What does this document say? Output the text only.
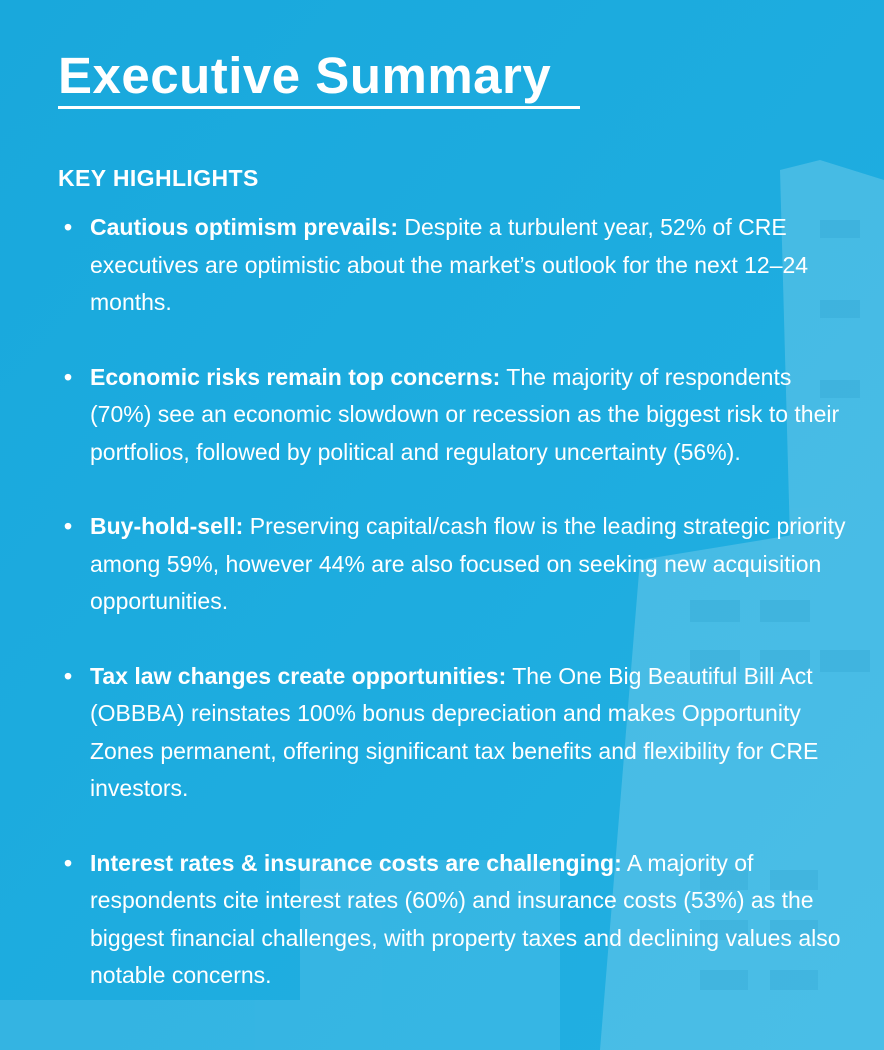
Executive Summary
KEY HIGHLIGHTS
• Cautious optimism prevails: Despite a turbulent year, 52% of CRE executives are optimistic about the market’s outlook for the next 12–24 months.
• Economic risks remain top concerns: The majority of respondents (70%) see an economic slowdown or recession as the biggest risk to their portfolios, followed by political and regulatory uncertainty (56%).
• Buy-hold-sell: Preserving capital/cash flow is the leading strategic priority among 59%, however 44% are also focused on seeking new acquisition opportunities.
• Tax law changes create opportunities: The One Big Beautiful Bill Act (OBBBA) reinstates 100% bonus depreciation and makes Opportunity Zones permanent, offering significant tax benefits and flexibility for CRE investors.
• Interest rates & insurance costs are challenging: A majority of respondents cite interest rates (60%) and insurance costs (53%) as the biggest financial challenges, with property taxes and declining values also notable concerns.
